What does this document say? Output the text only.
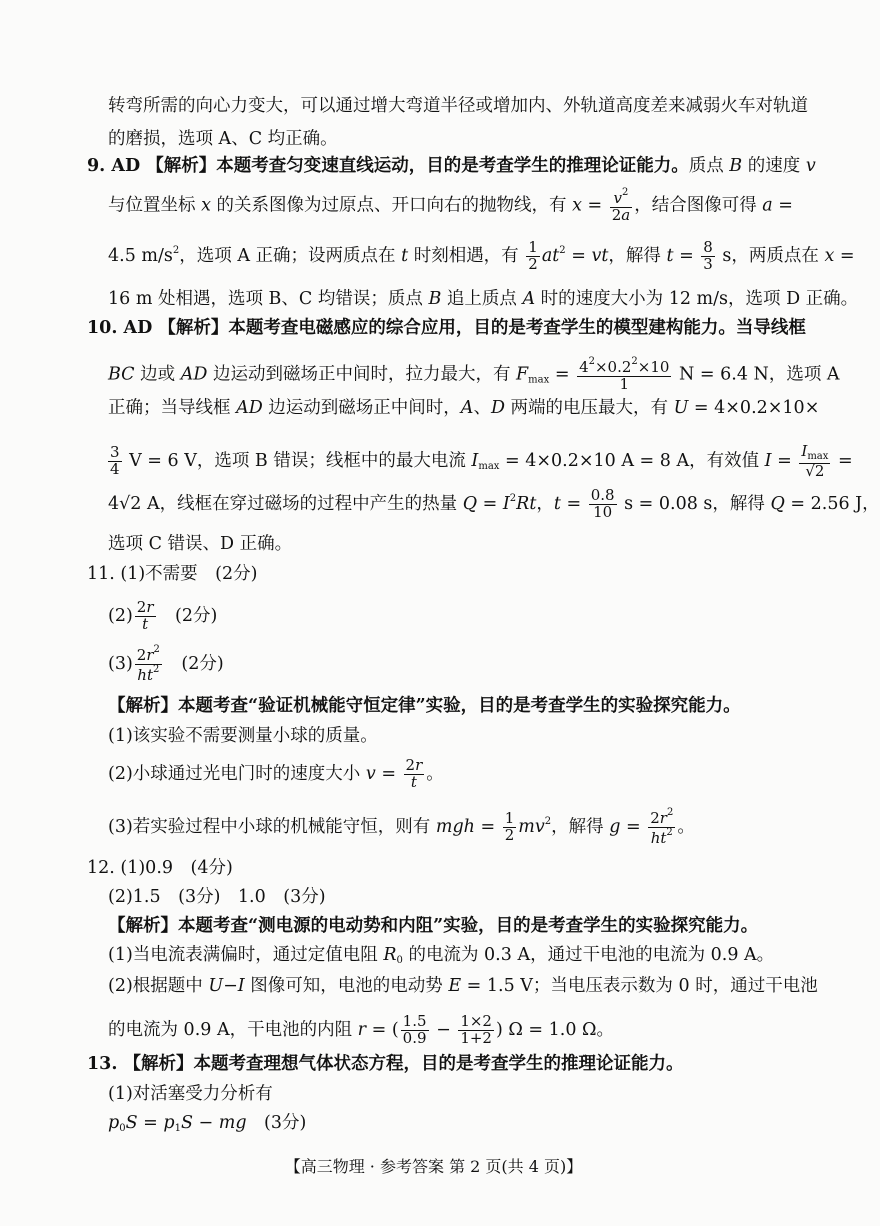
转弯所需的向心力变大，可以通过增大弯道半径或增加内、外轨道高度差来减弱火车对轨道
的磨损，选项 A、C 均正确。
9. AD 【解析】本题考查匀变速直线运动，目的是考查学生的推理论证能力。质点 B 的速度 v
与位置坐标 x 的关系图像为过原点、开口向右的抛物线，有 $x = \frac{v^2}{2a}$ ，结合图像可得 a =
4.5 $m/s^2$，选项 A 正确；设两质点在 t 时刻相遇，有 $\frac{1}{2} at^2$ = vt，解得 $t = \frac{8}{3}$ s，两质点在 x =
16 m 处相遇，选项 B、C 均错误；质点 B 追上质点 A 时的速度大小为 12 m/s，选项 D 正确。
10. AD 【解析】本题考查电磁感应的综合应用，目的是考查学生的模型建构能力。当导线框
BC 边或 AD 边运动到磁场正中间时，拉力最大，有 $F_{max} = \frac{4^2\times 0.2^2\times 10}{1}$ N = 6.4 N，选项 A
正确；当导线框 AD 边运动到磁场正中间时，A、D 两端的电压最大，有 U = 4×0.2×10×
$\frac{3}{4}$ V = 6 V，选项 B 错误；线框中的最大电流 $I_{max} = 4\times 0.2\times 10$ A = 8 A，有效值 $I = \frac{I_{max}}{√2}$ =
4√2 A，线框在穿过磁场的过程中产生的热量 $Q = I^2Rt$，$t = \frac{0.8}{10}$ s = 0.08 s，解得 Q = 2.56 J，
选项 C 错误、D 正确。
11. (1)不需要　(2分)
$(2) \frac{2r}{t}$ 　(2分)
$(3) \frac{2r^2}{ht^2}$ 　(2分)
【解析】本题考查“验证机械能守恒定律”实验，目的是考查学生的实验探究能力。
(1)该实验不需要测量小球的质量。
(2)小球通过光电门时的速度大小 $v = \frac{2r}{t}$ 。
(3)若实验过程中小球的机械能守恒，则有 mgh = $\frac{1}{2} mv^2$，解得 $g = \frac{2r^2}{ht^2}$ 。
12. (1)0.9　(4分)
(2)1.5　(3分)　1.0　(3分)
【解析】本题考查“测电源的电动势和内阻”实验，目的是考查学生的实验探究能力。
(1)当电流表满偏时，通过定值电阻 $R_0$ 的电流为 0.3 A，通过干电池的电流为 0.9 A。
(2)根据题中 U−I 图像可知，电池的电动势 E = 1.5 V；当电压表示数为 0 时，通过干电池
的电流为 0.9 A，干电池的内阻 r = ( $\frac{1.5}{0.9} - \frac{1\times 2}{1+2}$ ) Ω = 1.0 Ω。
13. 【解析】本题考查理想气体状态方程，目的是考查学生的推理论证能力。
(1)对活塞受力分析有
$p_0S = p_1S$ − mg　(3分)
【高三物理 · 参考答案 第 2 页(共 4 页)】
